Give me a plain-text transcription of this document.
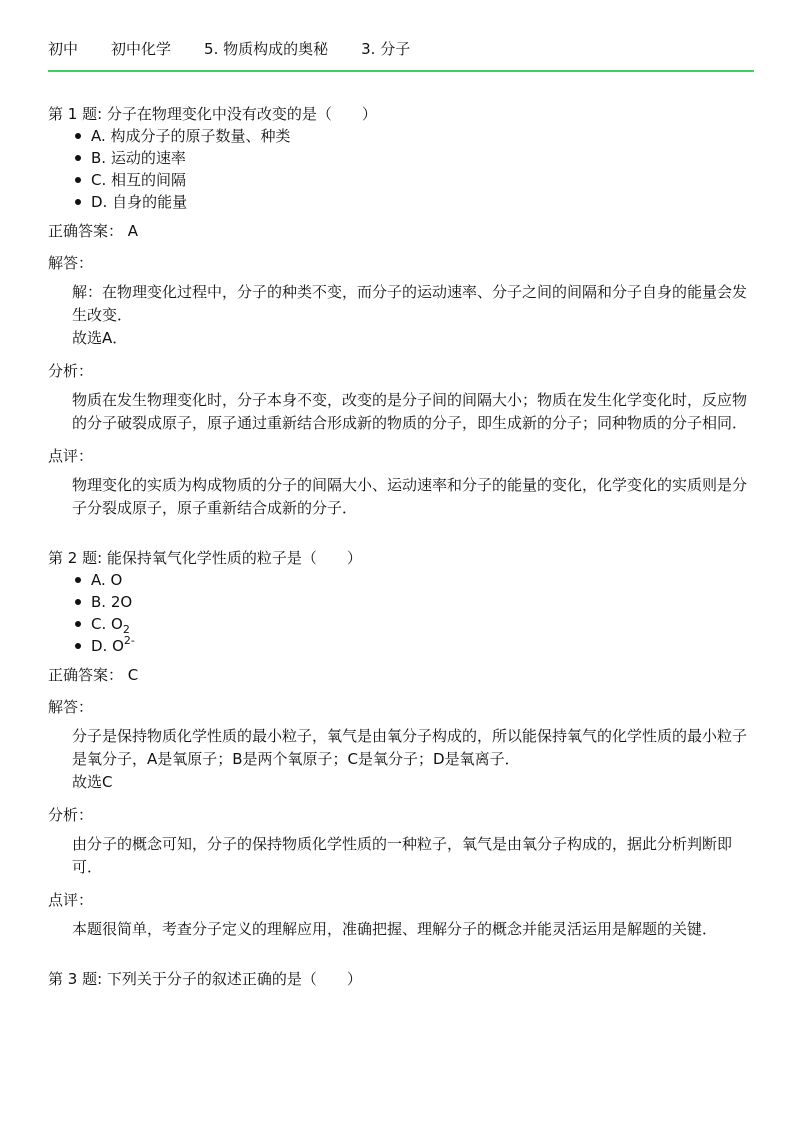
初中 初中化学 5. 物质构成的奥秘 3. 分子

第 1 题: 分子在物理变化中没有改变的是（　　）

A. 构成分子的原子数量、种类
B. 运动的速率
C. 相互的间隔
D. 自身的能量
正确答案： A
解答：
解：在物理变化过程中，分子的种类不变，而分子的运动速率、分子之间的间隔和分子自身的能量会发生改变．
故选A．
分析：
物质在发生物理变化时，分子本身不变，改变的是分子间的间隔大小；物质在发生化学变化时，反应物的分子破裂成原子，原子通过重新结合形成新的物质的分子，即生成新的分子；同种物质的分子相同．
点评：
物理变化的实质为构成物质的分子的间隔大小、运动速率和分子的能量的变化，化学变化的实质则是分子分裂成原子，原子重新结合成新的分子．

第 2 题: 能保持氧气化学性质的粒子是（　　）

A. O
B. 2O
C. $O_2$
D. $O^{2-}$
正确答案： C
解答：
分子是保持物质化学性质的最小粒子，氧气是由氧分子构成的，所以能保持氧气的化学性质的最小粒子是氧分子，A是氧原子；B是两个氧原子；C是氧分子；D是氧离子．
故选C
分析：
由分子的概念可知，分子的保持物质化学性质的一种粒子，氧气是由氧分子构成的，据此分析判断即可．
点评：
本题很简单，考查分子定义的理解应用，准确把握、理解分子的概念并能灵活运用是解题的关键．

第 3 题: 下列关于分子的叙述正确的是（　　）
